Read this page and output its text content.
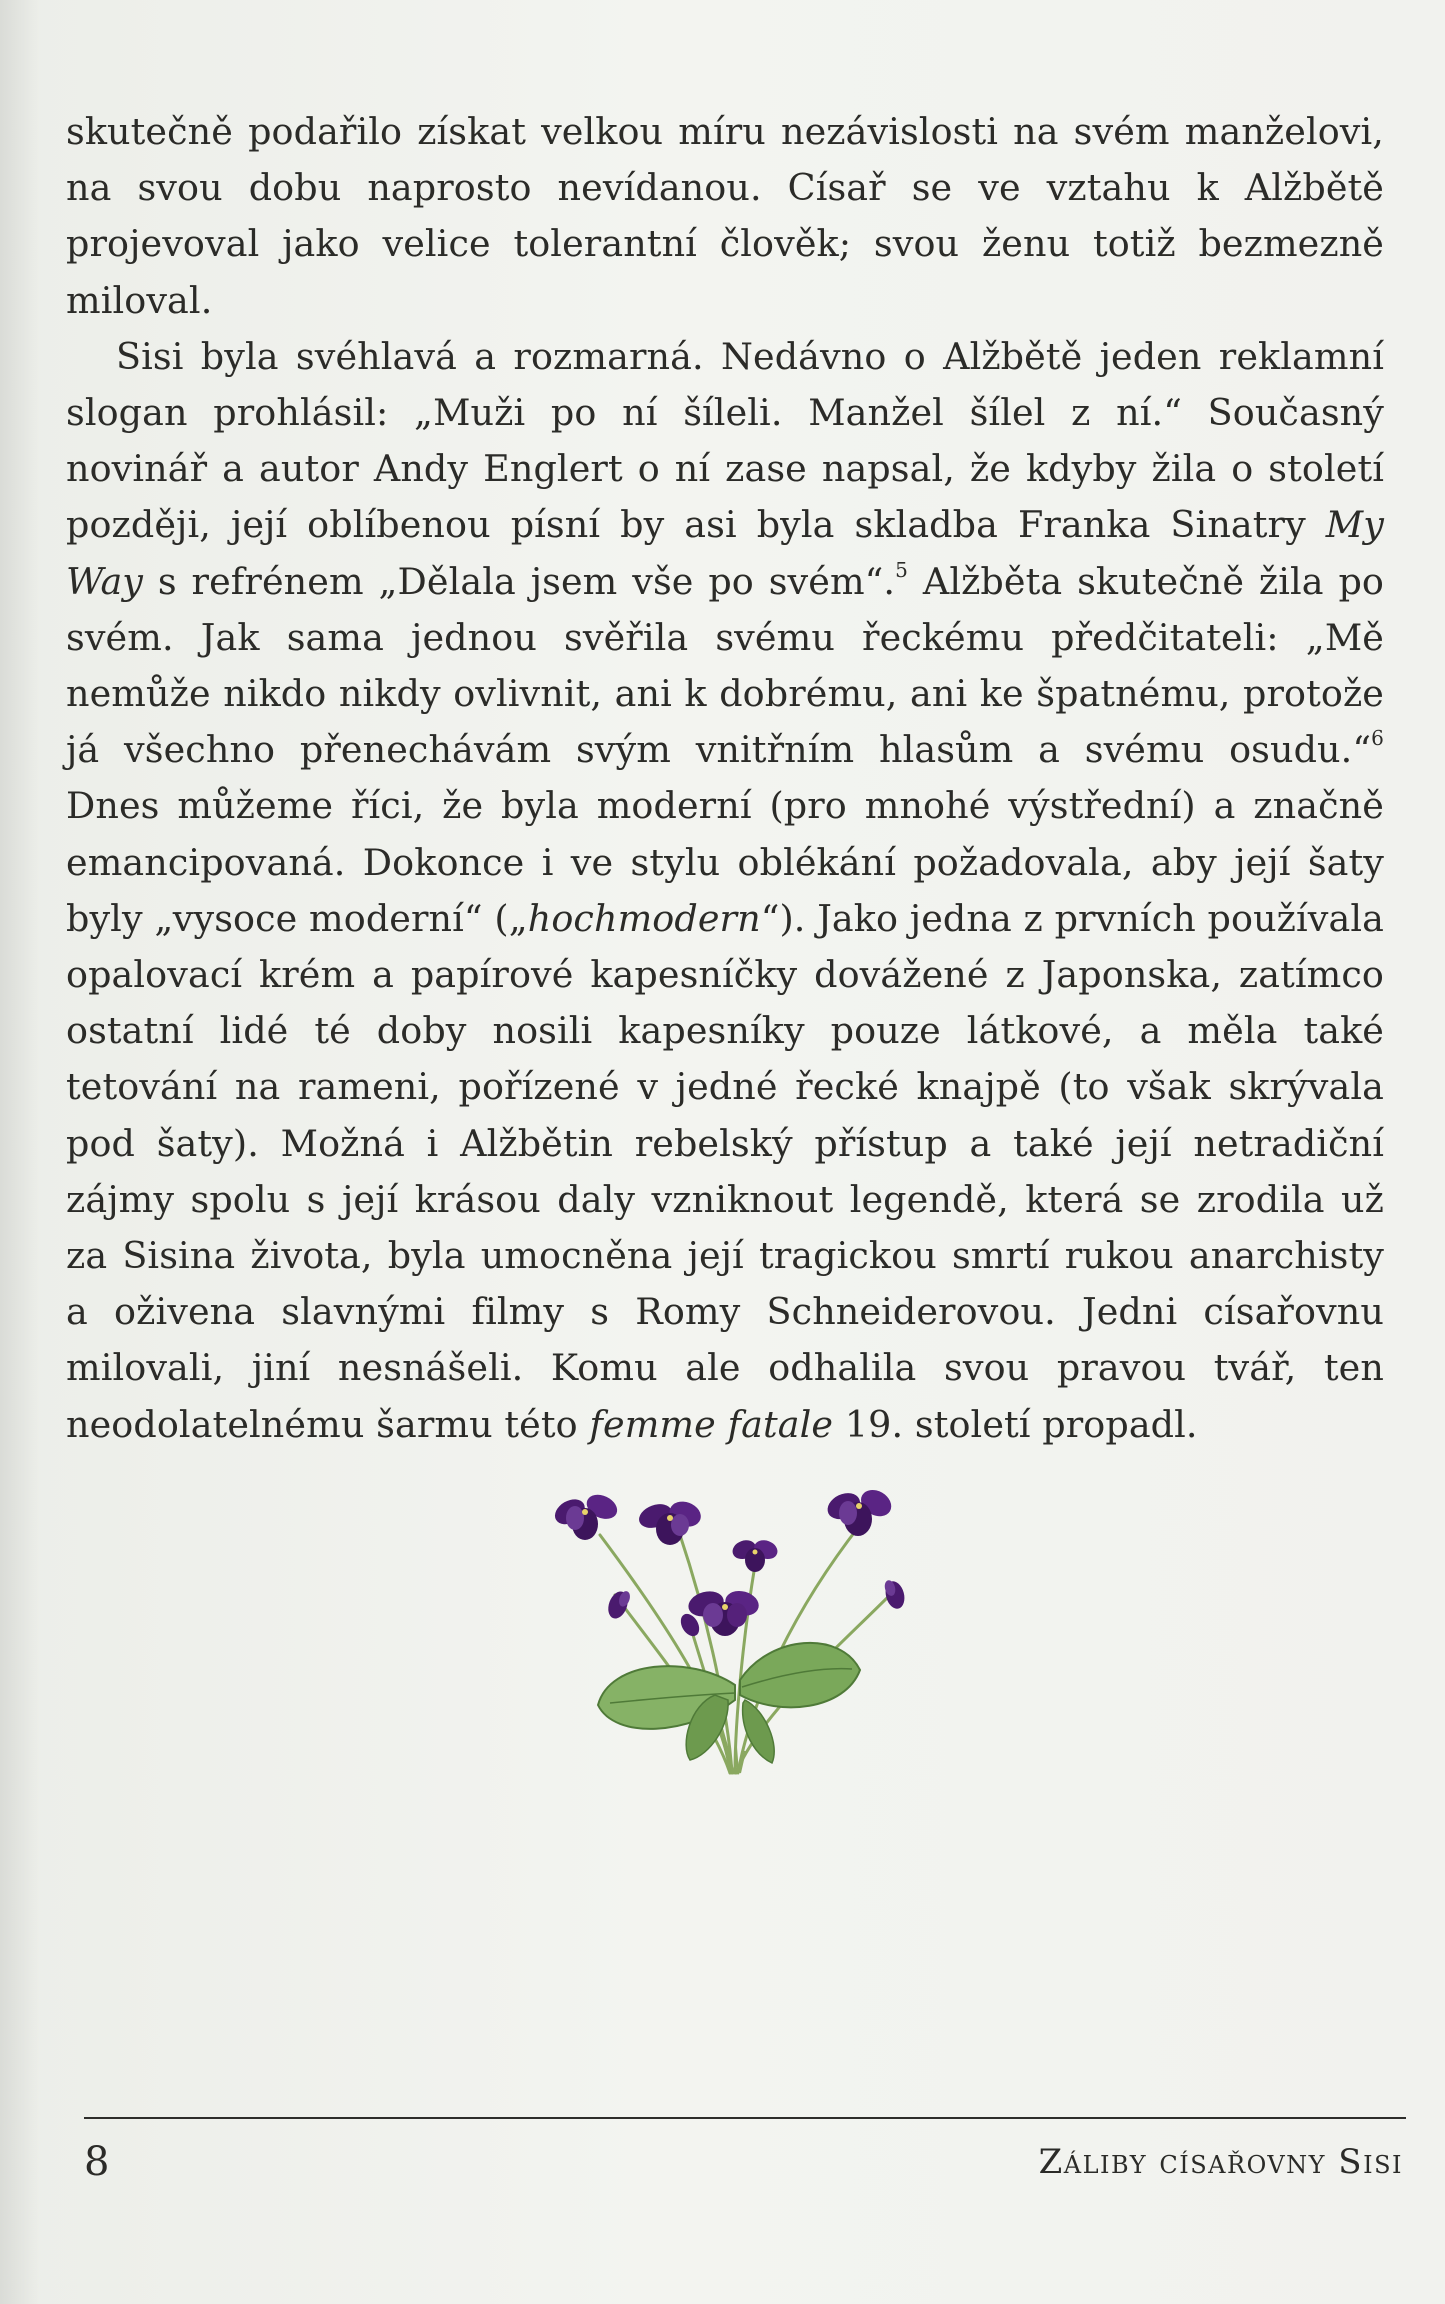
skutečně podařilo získat velkou míru nezávislosti na svém manželovi, na svou dobu naprosto nevídanou. Císař se ve vztahu k Alžbětě projevoval jako velice tolerantní člověk; svou ženu totiž bezmezně miloval.

Sisi byla svéhlavá a rozmarná. Nedávno o Alžbětě jeden reklamní slogan prohlásil: „Muži po ní šíleli. Manžel šílel z ní.“ Současný novinář a autor Andy Englert o ní zase napsal, že kdyby žila o století později, její oblíbenou písní by asi byla skladba Franka Sinatry My Way s refrénem „Dělala jsem vše po svém“.$^5$ Alžběta skutečně žila po svém. Jak sama jednou svěřila svému řeckému předčitateli: „Mě nemůže nikdo nikdy ovlivnit, ani k dobrému, ani ke špatnému, protože já všechno přenechávám svým vnitřním hlasům a svému osudu.“$^6$ Dnes můžeme říci, že byla moderní (pro mnohé výstřední) a značně emancipovaná. Dokonce i ve stylu oblékání požadovala, aby její šaty byly „vysoce moderní“ („hochmodern“). Jako jedna z prvních používala opalovací krém a papírové kapesníčky dovážené z Japonska, zatímco ostatní lidé té doby nosili kapesníky pouze látkové, a měla také tetování na rameni, pořízené v jedné řecké knajpě (to však skrývala pod šaty). Možná i Alžbětin rebelský přístup a také její netradiční zájmy spolu s její krásou daly vzniknout legendě, která se zrodila už za Sisina života, byla umocněna její tragickou smrtí rukou anarchisty a oživena slavnými filmy s Romy Schneiderovou. Jedni císařovnu milovali, jiní nesnášeli. Komu ale odhalila svou pravou tvář, ten neodolatelnému šarmu této femme fatale 19. století propadl.

8	Záliby císařovny Sisi
